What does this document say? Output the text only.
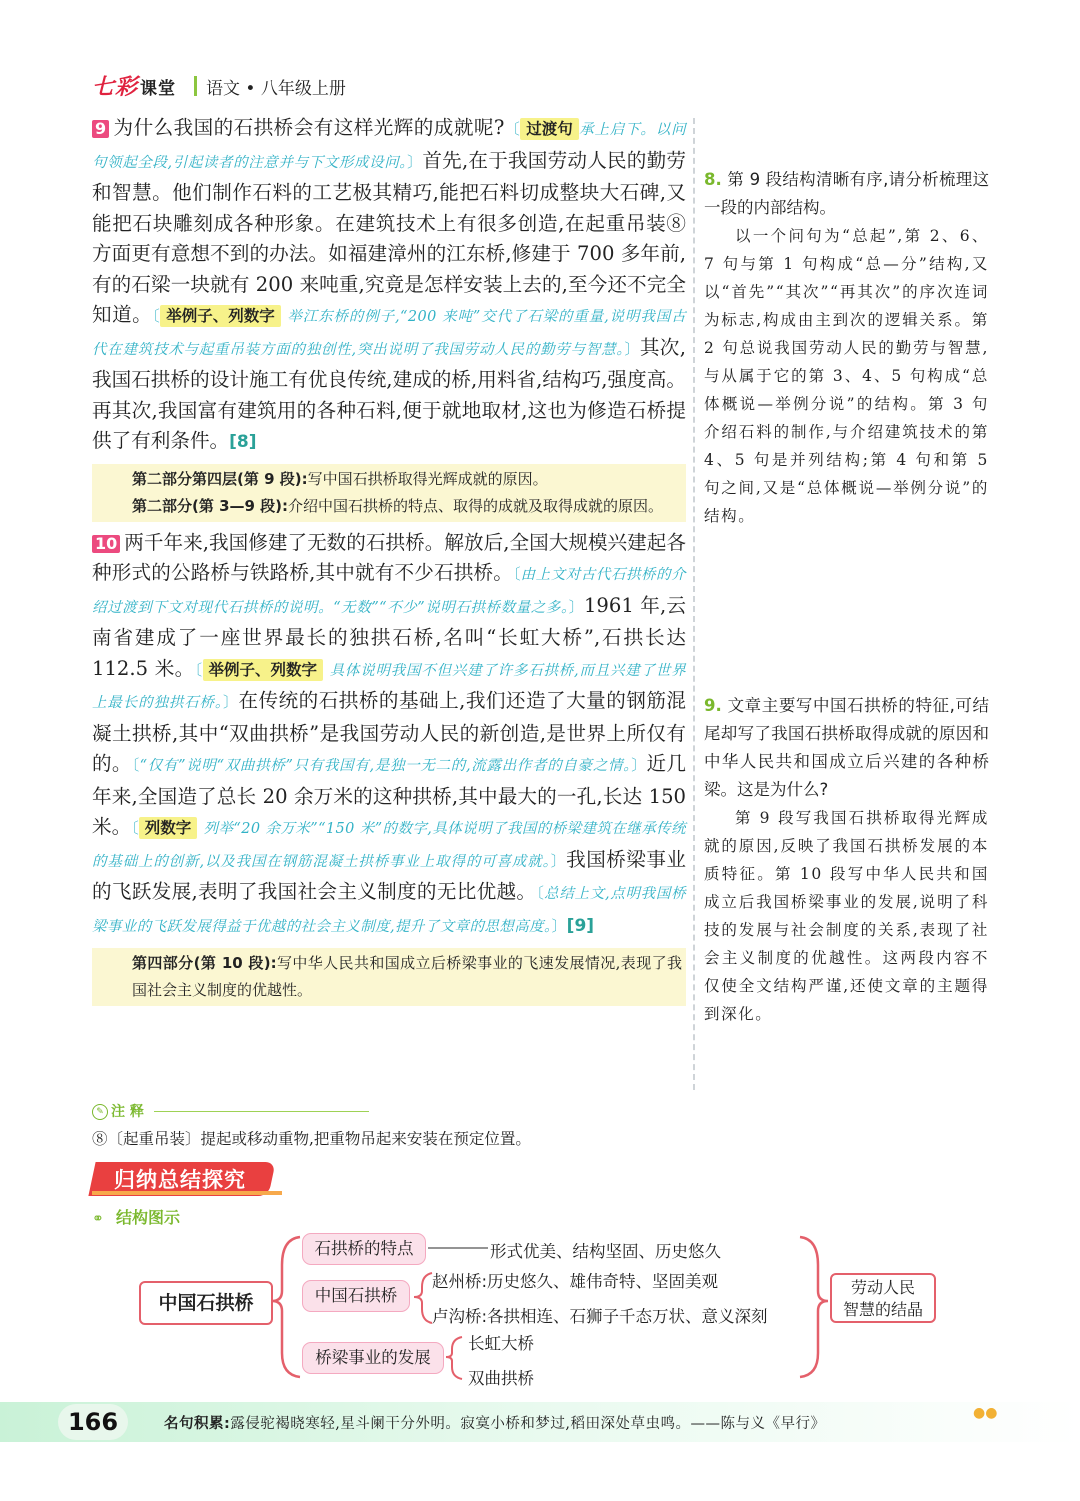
七彩 课堂 语文 • 八年级上册

9 为什么我国的石拱桥会有这样光辉的成就呢?〔 过渡句 承上启下。以问句领起全段,引起读者的注意并与下文形成设问。〕首先,在于我国劳动人民的勤劳和智慧。他们制作石料的工艺极其精巧,能把石料切成整块大石碑,又能把石块雕刻成各种形象。在建筑技术上有很多创造,在起重吊装⑧方面更有意想不到的办法。如福建漳州的江东桥,修建于 700 多年前,有的石梁一块就有 200 来吨重,究竟是怎样安装上去的,至今还不完全知道。〔 举例子、列数字 举江东桥的例子,“200 来吨”交代了石梁的重量,说明我国古代在建筑技术与起重吊装方面的独创性,突出说明了我国劳动人民的勤劳与智慧。〕其次,我国石拱桥的设计施工有优良传统,建成的桥,用料省,结构巧,强度高。再其次,我国富有建筑用的各种石料,便于就地取材,这也为修造石桥提供了有利条件。[8]

第二部分第四层(第 9 段):写中国石拱桥取得光辉成就的原因。
第二部分(第 3—9 段):介绍中国石拱桥的特点、取得的成就及取得成就的原因。

10 两千年来,我国修建了无数的石拱桥。解放后,全国大规模兴建起各种形式的公路桥与铁路桥,其中就有不少石拱桥。〔由上文对古代石拱桥的介绍过渡到下文对现代石拱桥的说明。“无数”“不少”说明石拱桥数量之多。〕1961 年,云南省建成了一座世界最长的独拱石桥,名叫“长虹大桥”,石拱长达 112.5 米。〔 举例子、列数字 具体说明我国不但兴建了许多石拱桥,而且兴建了世界上最长的独拱石桥。〕在传统的石拱桥的基础上,我们还造了大量的钢筋混凝土拱桥,其中“双曲拱桥”是我国劳动人民的新创造,是世界上所仅有的。〔“仅有”说明“双曲拱桥”只有我国有,是独一无二的,流露出作者的自豪之情。〕近几年来,全国造了总长 20 余万米的这种拱桥,其中最大的一孔,长达 150 米。〔 列数字 列举“20 余万米”“150 米”的数字,具体说明了我国的桥梁建筑在继承传统的基础上的创新,以及我国在钢筋混凝土拱桥事业上取得的可喜成就。〕我国桥梁事业的飞跃发展,表明了我国社会主义制度的无比优越。〔总结上文,点明我国桥梁事业的飞跃发展得益于优越的社会主义制度,提升了文章的思想高度。〕[9]

第四部分(第 10 段):写中华人民共和国成立后桥梁事业的飞速发展情况,表现了我国社会主义制度的优越性。

8. 第 9 段结构清晰有序,请分析梳理这一段的内部结构。

以一个问句为“总起”,第 2、6、7 句与第 1 句构成“总—分”结构,又以“首先”“其次”“再其次”的序次连词为标志,构成由主到次的逻辑关系。第 2 句总说我国劳动人民的勤劳与智慧,与从属于它的第 3、4、5 句构成“总体概说—举例分说”的结构。第 3 句介绍石料的制作,与介绍建筑技术的第 4、5 句是并列结构;第 4 句和第 5 句之间,又是“总体概说—举例分说”的结构。

9. 文章主要写中国石拱桥的特征,可结尾却写了我国石拱桥取得成就的原因和中华人民共和国成立后兴建的各种桥梁。这是为什么?

第 9 段写我国石拱桥取得光辉成就的原因,反映了我国石拱桥发展的本质特征。第 10 段写中华人民共和国成立后我国桥梁事业的发展,说明了科技的发展与社会制度的关系,表现了社会主义制度的优越性。这两段内容不仅使全文结构严谨,还使文章的主题得到深化。

✎ 注 释
⑧〔起重吊装〕提起或移动重物,把重物吊起来安装在预定位置。
归纳总结探究
⚭ 结构图示
中国石拱桥
石拱桥的特点	形式优美、结构坚固、历史悠久
中国石拱桥
赵州桥:历史悠久、雄伟奇特、坚固美观
卢沟桥:各拱相连、石狮子千态万状、意义深刻
桥梁事业的发展
长虹大桥
双曲拱桥
劳动人民
智慧的结晶
166	名句积累:露侵驼褐晓寒轻,星斗阑干分外明。寂寞小桥和梦过,稻田深处草虫鸣。——陈与义《早行》
●●
